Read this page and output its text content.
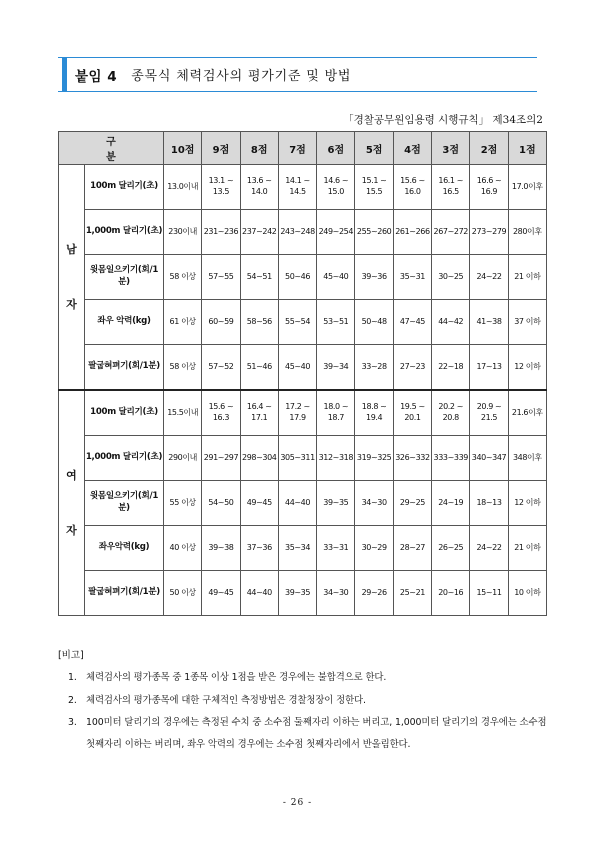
붙임 4 종목식 체력검사의 평가기준 및 방법
「경찰공무원임용령 시행규칙」 제34조의2
구 분		10점	9점	8점	7점	6점	5점	4점	3점	2점	1점

남
자	100m 달리기(초)	13.0이내	13.1 ~ 13.5	13.6 ~ 14.0	14.1 ~ 14.5	14.6 ~ 15.0	15.1 ~ 15.5	15.6 ~ 16.0	16.1 ~ 16.5	16.6 ~ 16.9	17.0이후
	1,000m 달리기(초)	230이내	231~236	237~242	243~248	249~254	255~260	261~266	267~272	273~279	280이후
	윗몸일으키기(회/1분)	58 이상	57~55	54~51	50~46	45~40	39~36	35~31	30~25	24~22	21 이하
	좌우 악력(kg)	61 이상	60~59	58~56	55~54	53~51	50~48	47~45	44~42	41~38	37 이하
	팔굽혀펴기(회/1분)	58 이상	57~52	51~46	45~40	39~34	33~28	27~23	22~18	17~13	12 이하

여
자	100m 달리기(초)	15.5이내	15.6 ~ 16.3	16.4 ~ 17.1	17.2 ~ 17.9	18.0 ~ 18.7	18.8 ~ 19.4	19.5 ~ 20.1	20.2 ~ 20.8	20.9 ~ 21.5	21.6이후
	1,000m 달리기(초)	290이내	291~297	298~304	305~311	312~318	319~325	326~332	333~339	340~347	348이후
	윗몸일으키기(회/1분)	55 이상	54~50	49~45	44~40	39~35	34~30	29~25	24~19	18~13	12 이하
	좌우악력(kg)	40 이상	39~38	37~36	35~34	33~31	30~29	28~27	26~25	24~22	21 이하
	팔굽혀펴기(회/1분)	50 이상	49~45	44~40	39~35	34~30	29~26	25~21	20~16	15~11	10 이하
[비고]
1. 체력검사의 평가종목 중 1종목 이상 1점을 받은 경우에는 불합격으로 한다.
2. 체력검사의 평가종목에 대한 구체적인 측정방법은 경찰청장이 정한다.
3. 100미터 달리기의 경우에는 측정된 수치 중 소수점 둘째자리 이하는 버리고, 1,000미터 달리기의 경우에는 소수점 첫째자리 이하는 버리며, 좌우 악력의 경우에는 소수점 첫째자리에서 반올림한다.
- 26 -
